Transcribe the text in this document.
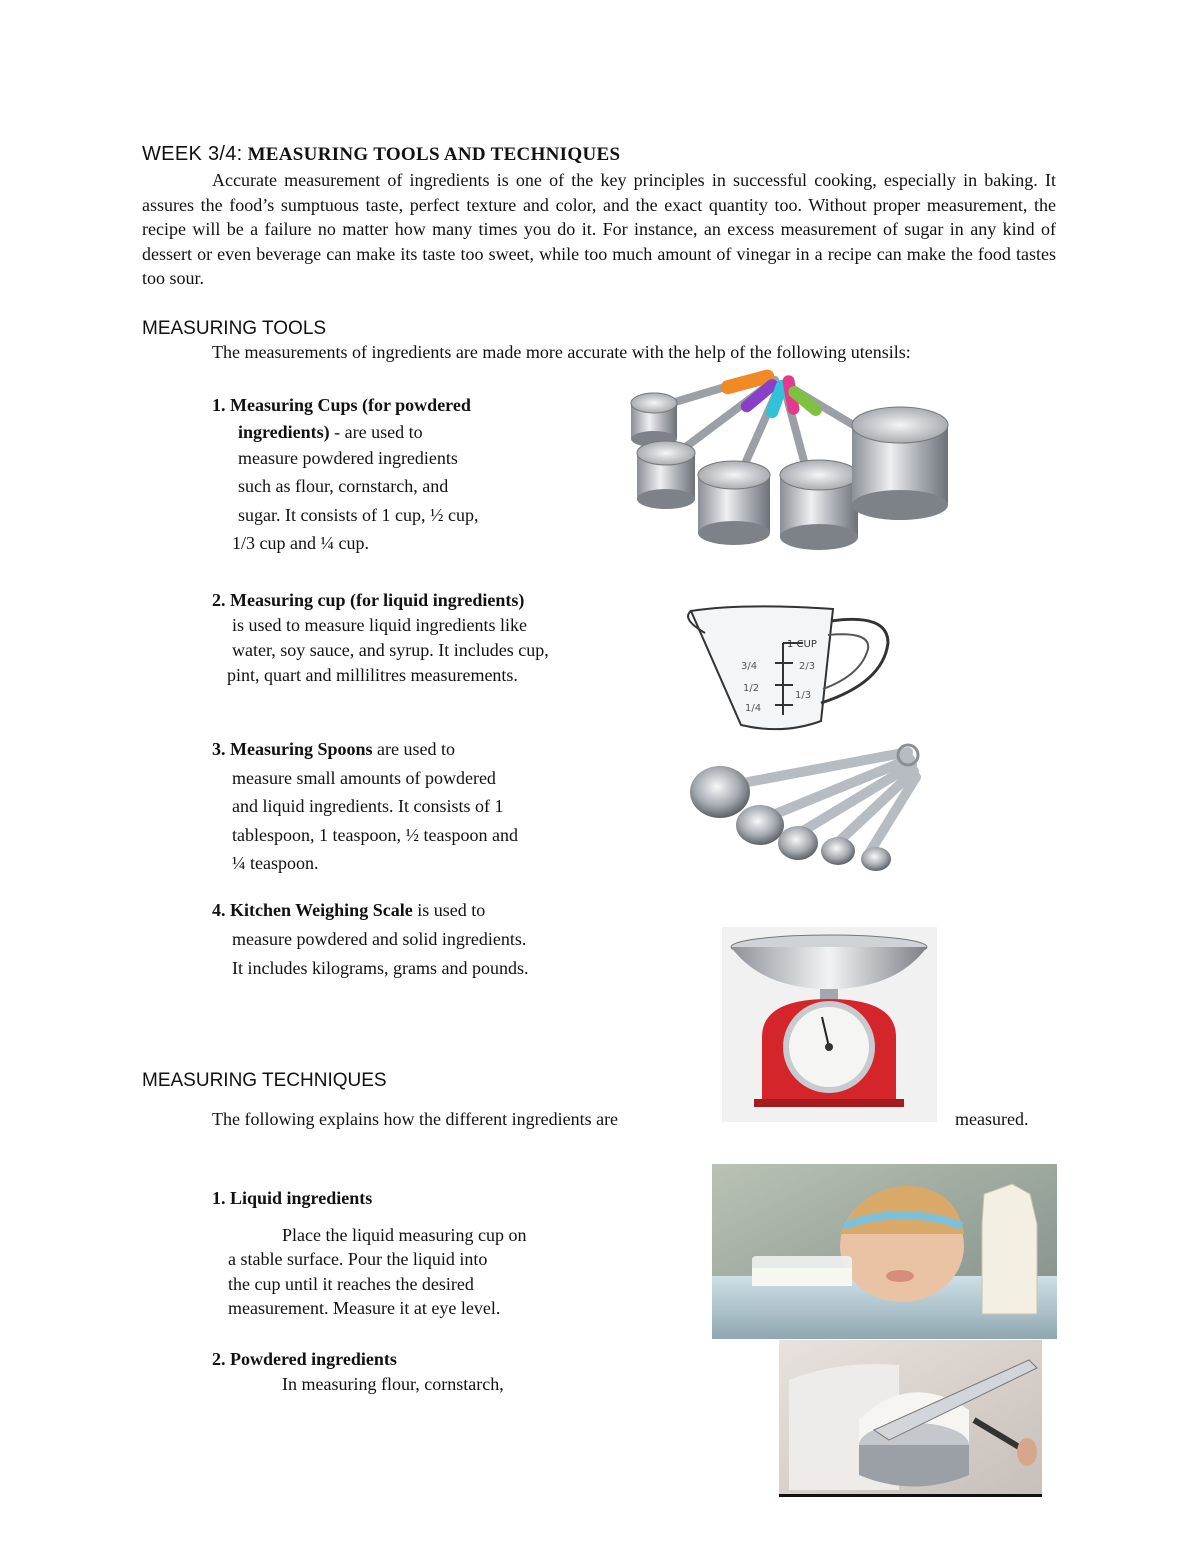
WEEK 3/4: MEASURING TOOLS AND TECHNIQUES
Accurate measurement of ingredients is one of the key principles in successful cooking, especially in baking. It assures the food’s sumptuous taste, perfect texture and color, and the exact quantity too. Without proper measurement, the recipe will be a failure no matter how many times you do it. For instance, an excess measurement of sugar in any kind of dessert or even beverage can make its taste too sweet, while too much amount of vinegar in a recipe can make the food tastes too sour.
MEASURING TOOLS
The measurements of ingredients are made more accurate with the help of the following utensils:
1. Measuring Cups (for powdered
ingredients) - are used to
measure powdered ingredients
such as flour, cornstarch, and
sugar. It consists of 1 cup, ½ cup,
1/3 cup and ¼ cup.
2. Measuring cup (for liquid ingredients)
is used to measure liquid ingredients like
water, soy sauce, and syrup. It includes cup,
pint, quart and millilitres measurements.
3. Measuring Spoons are used to
measure small amounts of powdered
and liquid ingredients. It consists of 1
tablespoon, 1 teaspoon, ½ teaspoon and
¼ teaspoon.
4. Kitchen Weighing Scale is used to
measure powdered and solid ingredients.
It includes kilograms, grams and pounds.
MEASURING TECHNIQUES
The following explains how the different ingredients are	measured.
1. Liquid ingredients
Place the liquid measuring cup on
a stable surface. Pour the liquid into
the cup until it reaches the desired
measurement. Measure it at eye level.
2. Powdered ingredients
In measuring flour, cornstarch,
1 CUP
3/4
1/2
1/4
2/3
1/3
